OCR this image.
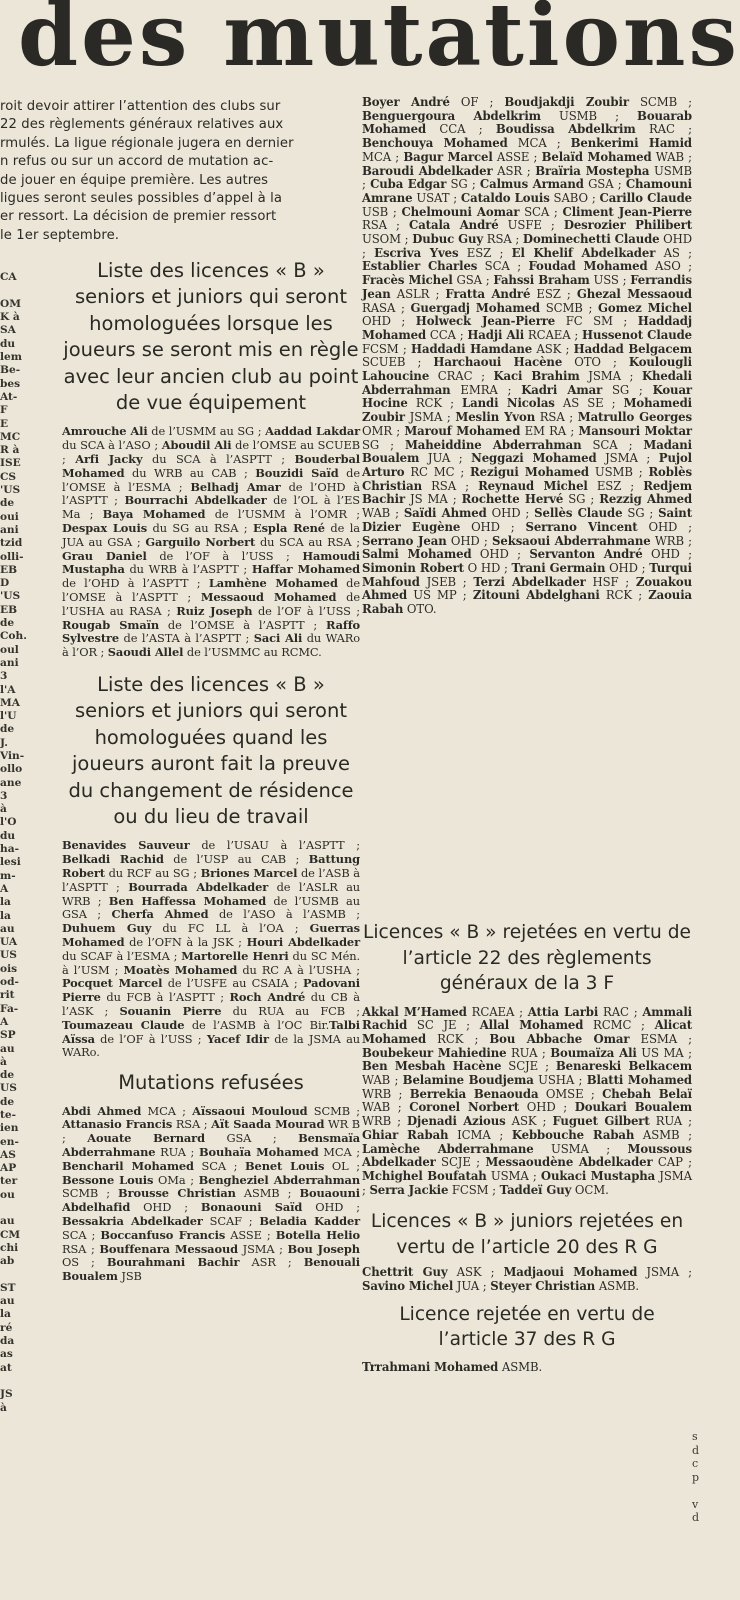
des mutations
roit devoir attirer l’attention des clubs sur
22 des règlements généraux relatives aux
rmulés. La ligue régionale jugera en dernier
n refus ou sur un accord de mutation ac-
de jouer en équipe première. Les autres
ligues seront seules possibles d’appel à la
er ressort. La décision de premier ressort
le 1er septembre.
CA
OM
K à
SA
du
lem
Be-
bes
At-
F
E
MC
R à
ISE
CS
'US
de
oui
ani
tzid
olli-
EB
D
'US
EB
de
Coh.
oul
ani
3
l'A
MA
l'U
de
J.
Vin-
ollo
ane
3
à
l'O
du
ha-
lesi
m-
A
la
la
au
UA
US
ois
od-
rit
Fa-
A
SP
au
à
de
US
de
te-
ien
en-
AS
AP
ter
ou
au
CM
chi
ab
ST
au
la
ré
da
as
at
JS
à
s
d
c
p
v
d
Liste des licences « B » seniors et juniors qui seront homologuées lorsque les joueurs se seront mis en règle avec leur ancien club au point de vue équipement
Amrouche Ali de l’USMM au SG ; Aaddad Lakdar du SCA à l’ASO ; Aboudil Ali de l’OMSE au SCUEB ; Arfi Jacky du SCA à l’ASPTT ; Bouderbal Mohamed du WRB au CAB ; Bouzidi Saïd de l’OMSE à l’ESMA ; Belhadj Amar de l’OHD à l’ASPTT ; Bourrachi Abdelkader de l’OL à l’ES Ma ; Baya Mohamed de l’USMM à l’OMR ; Despax Louis du SG au RSA ; Espla René de la JUA au GSA ; Garguilo Norbert du SCA au RSA ; Grau Daniel de l’OF à l’USS ; Hamoudi Mustapha du WRB à l’ASPTT ; Haffar Mohamed de l’OHD à l’ASPTT ; Lamhène Mohamed de l’OMSE à l’ASPTT ; Messaoud Mohamed de l’USHA au RASA ; Ruiz Joseph de l’OF à l’USS ; Rougab Smaïn de l’OMSE à l’ASPTT ; Raffo Sylvestre de l’ASTA à l’ASPTT ; Saci Ali du WARo à l’OR ; Saoudi Allel de l’USMMC au RCMC.
Liste des licences « B » seniors et juniors qui seront homologuées quand les joueurs auront fait la preuve du changement de résidence ou du lieu de travail
Benavides Sauveur de l’USAU à l’ASPTT ; Belkadi Rachid de l’USP au CAB ; Battung Robert du RCF au SG ; Briones Marcel de l’ASB à l’ASPTT ; Bourrada Abdelkader de l’ASLR au WRB ; Ben Haffessa Mohamed de l’USMB au GSA ; Cherfa Ahmed de l’ASO à l’ASMB ; Duhuem Guy du FC LL à l’OA ; Guerras Mohamed de l’OFN à la JSK ; Houri Abdelkader du SCAF à l’ESMA ; Martorelle Henri du SC Mén. à l’USM ; Moatès Mohamed du RC A à l’USHA ; Pocquet Marcel de l’USFE au CSAIA ; Padovani Pierre du FCB à l’ASPTT ; Roch André du CB à l’ASK ; Souanin Pierre du RUA au FCB ; Toumazeau Claude de l’ASMB à l’OC Bir.Talbi Aïssa de l’OF à l’USS ; Yacef Idir de la JSMA au WARo.
Mutations refusées
Abdi Ahmed MCA ; Aïssaoui Mouloud SCMB ; Attanasio Francis RSA ; Aït Saada Mourad WR B ; Aouate Bernard GSA ; Bensmaïa Abderrahmane RUA ; Bouhaïa Mohamed MCA ; Bencharil Mohamed SCA ; Benet Louis OL ; Bessone Louis OMa ; Bengheziel Abderrahman SCMB ; Brousse Christian ASMB ; Bouaouni Abdelhafid OHD ; Bonaouni Saïd OHD ; Bessakria Abdelkader SCAF ; Beladia Kadder SCA ; Boccanfuso Francis ASSE ; Botella Helio RSA ; Bouffenara Messaoud JSMA ; Bou Joseph OS ; Bourahmani Bachir ASR ; Benouali Boualem JSB
Boyer André OF ; Boudjakdji Zoubir SCMB ; Benguergoura Abdelkrim USMB ; Bouarab Mohamed CCA ; Boudissa Abdelkrim RAC ; Benchouya Mohamed MCA ; Benkerimi Hamid MCA ; Bagur Marcel ASSE ; Belaïd Mohamed WAB ; Baroudi Abdelkader ASR ; Braïria Mostepha USMB ; Cuba Edgar SG ; Calmus Armand GSA ; Chamouni Amrane USAT ; Cataldo Louis SABO ; Carillo Claude USB ; Chelmouni Aomar SCA ; Climent Jean-Pierre RSA ; Catala André USFE ; Desrozier Philibert USOM ; Dubuc Guy RSA ; Dominechetti Claude OHD ; Escriva Yves ESZ ; El Khelif Abdelkader AS ; Establier Charles SCA ; Foudad Mohamed ASO ; Fracès Michel GSA ; Fahssi Braham USS ; Ferrandis Jean ASLR ; Fratta André ESZ ; Ghezal Messaoud RASA ; Guergadj Mohamed SCMB ; Gomez Michel OHD ; Holweck Jean-Pierre FC SM ; Haddadj Mohamed CCA ; Hadji Ali RCAEA ; Hussenot Claude FCSM ; Haddadi Hamdane ASK ; Haddad Belgacem SCUEB ; Harchaoui Hacène OTO ; Koulougli Lahoucine CRAC ; Kaci Brahim JSMA ; Khedali Abderrahman EMRA ; Kadri Amar SG ; Kouar Hocine RCK ; Landi Nicolas AS SE ; Mohamedi Zoubir JSMA ; Meslin Yvon RSA ; Matrullo Georges OMR ; Marouf Mohamed EM RA ; Mansouri Moktar SG ; Maheiddine Abderrahman SCA ; Madani Boualem JUA ; Neggazi Mohamed JSMA ; Pujol Arturo RC MC ; Rezigui Mohamed USMB ; Roblès Christian RSA ; Reynaud Michel ESZ ; Redjem Bachir JS MA ; Rochette Hervé SG ; Rezzig Ahmed WAB ; Saïdi Ahmed OHD ; Sellès Claude SG ; Saint Dizier Eugène OHD ; Serrano Vincent OHD ; Serrano Jean OHD ; Seksaoui Abderrahmane WRB ; Salmi Mohamed OHD ; Servanton André OHD ; Simonin Robert O HD ; Trani Germain OHD ; Turqui Mahfoud JSEB ; Terzi Abdelkader HSF ; Zouakou Ahmed US MP ; Zitouni Abdelghani RCK ; Zaouia Rabah OTO.
Licences « B » rejetées en vertu de l’article 22 des règlements généraux de la 3 F
Akkal M’Hamed RCAEA ; Attia Larbi RAC ; Ammali Rachid SC JE ; Allal Mohamed RCMC ; Alicat Mohamed RCK ; Bou Abbache Omar ESMA ; Boubekeur Mahiedine RUA ; Boumaïza Ali US MA ; Ben Mesbah Hacène SCJE ; Benareski Belkacem WAB ; Belamine Boudjema USHA ; Blatti Mohamed WRB ; Berrekia Benaouda OMSE ; Chebah Belaï WAB ; Coronel Norbert OHD ; Doukari Boualem WRB ; Djenadi Azious ASK ; Fuguet Gilbert RUA ; Ghiar Rabah ICMA ; Kebbouche Rabah ASMB ; Lamèche Abderrahmane USMA ; Moussous Abdelkader SCJE ; Messaoudène Abdelkader CAP ; Mchighel Boufatah USMA ; Oukaci Mustapha JSMA ; Serra Jackie FCSM ; Taddeï Guy OCM.
Licences « B » juniors rejetées en vertu de l’article 20 des R G
Chettrit Guy ASK ; Madjaoui Mohamed JSMA ; Savino Michel JUA ; Steyer Christian ASMB.
Licence rejetée en vertu de l’article 37 des R G
Trrahmani Mohamed ASMB.
